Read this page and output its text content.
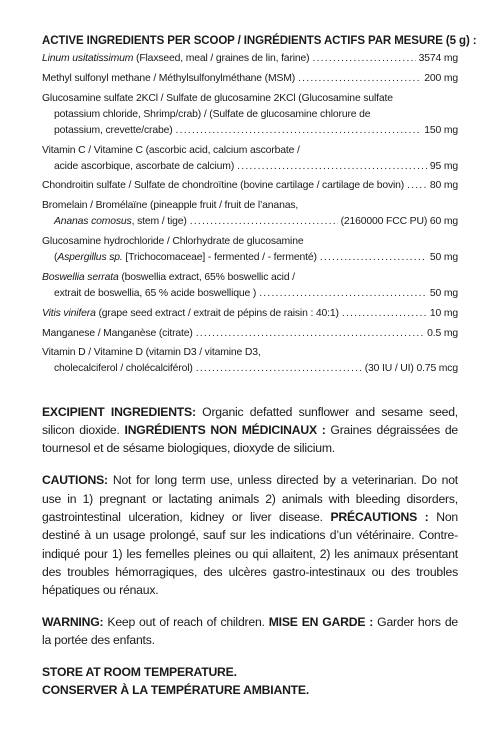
ACTIVE INGREDIENTS PER SCOOP / INGRÉDIENTS ACTIFS PAR MESURE (5 g) :
Linum usitatissimum (Flaxseed, meal / graines de lin, farine) .....	3574 mg
Methyl sulfonyl methane / Méthylsulfonylméthane (MSM) .....	200 mg
Glucosamine sulfate 2KCl / Sulfate de glucosamine 2KCl (Glucosamine sulfate
potassium chloride, Shrimp/crab) / (Sulfate de glucosamine chlorure de
potassium, crevette/crabe) .....	150 mg
Vitamin C / Vitamine C (ascorbic acid, calcium ascorbate /
acide ascorbique, ascorbate de calcium) .....	95 mg
Chondroitin sulfate / Sulfate de chondroïtine (bovine cartilage / cartilage de bovin) ..... 80 mg
Bromelain / Bromélaïne (pineapple fruit / fruit de l’ananas,
Ananas comosus, stem / tige) .....	(2160000 FCC PU) 60 mg
Glucosamine hydrochloride / Chlorhydrate de glucosamine
(Aspergillus sp. [Trichocomaceae] - fermented / - fermenté) .....	50 mg
Boswellia serrata (boswellia extract, 65% boswellic acid /
extrait de boswellia, 65 % acide boswellique ) .....	50 mg
Vitis vinifera (grape seed extract / extrait de pépins de raisin : 40:1) .....	10 mg
Manganese / Manganèse (citrate) .....	0.5 mg
Vitamin D / Vitamine D (vitamin D3 / vitamine D3,
cholecalciferol / cholécalciférol) .....	(30 IU / UI) 0.75 mcg
EXCIPIENT INGREDIENTS: Organic defatted sunflower and sesame seed, silicon dioxide. INGRÉDIENTS NON MÉDICINAUX : Graines dégraissées de tournesol et de sésame biologiques, dioxyde de silicium.
CAUTIONS: Not for long term use, unless directed by a veterinarian. Do not use in 1) pregnant or lactating animals 2) animals with bleeding disorders, gastrointestinal ulceration, kidney or liver disease. PRÉCAUTIONS : Non destiné à un usage prolongé, sauf sur les indications d’un vétérinaire. Contre-indiqué pour 1) les femelles pleines ou qui allaitent, 2) les animaux présentant des troubles hémorragiques, des ulcères gastro-intestinaux ou des troubles hépatiques ou rénaux.
WARNING: Keep out of reach of children. MISE EN GARDE : Garder hors de la portée des enfants.
STORE AT ROOM TEMPERATURE.
CONSERVER À LA TEMPÉRATURE AMBIANTE.
